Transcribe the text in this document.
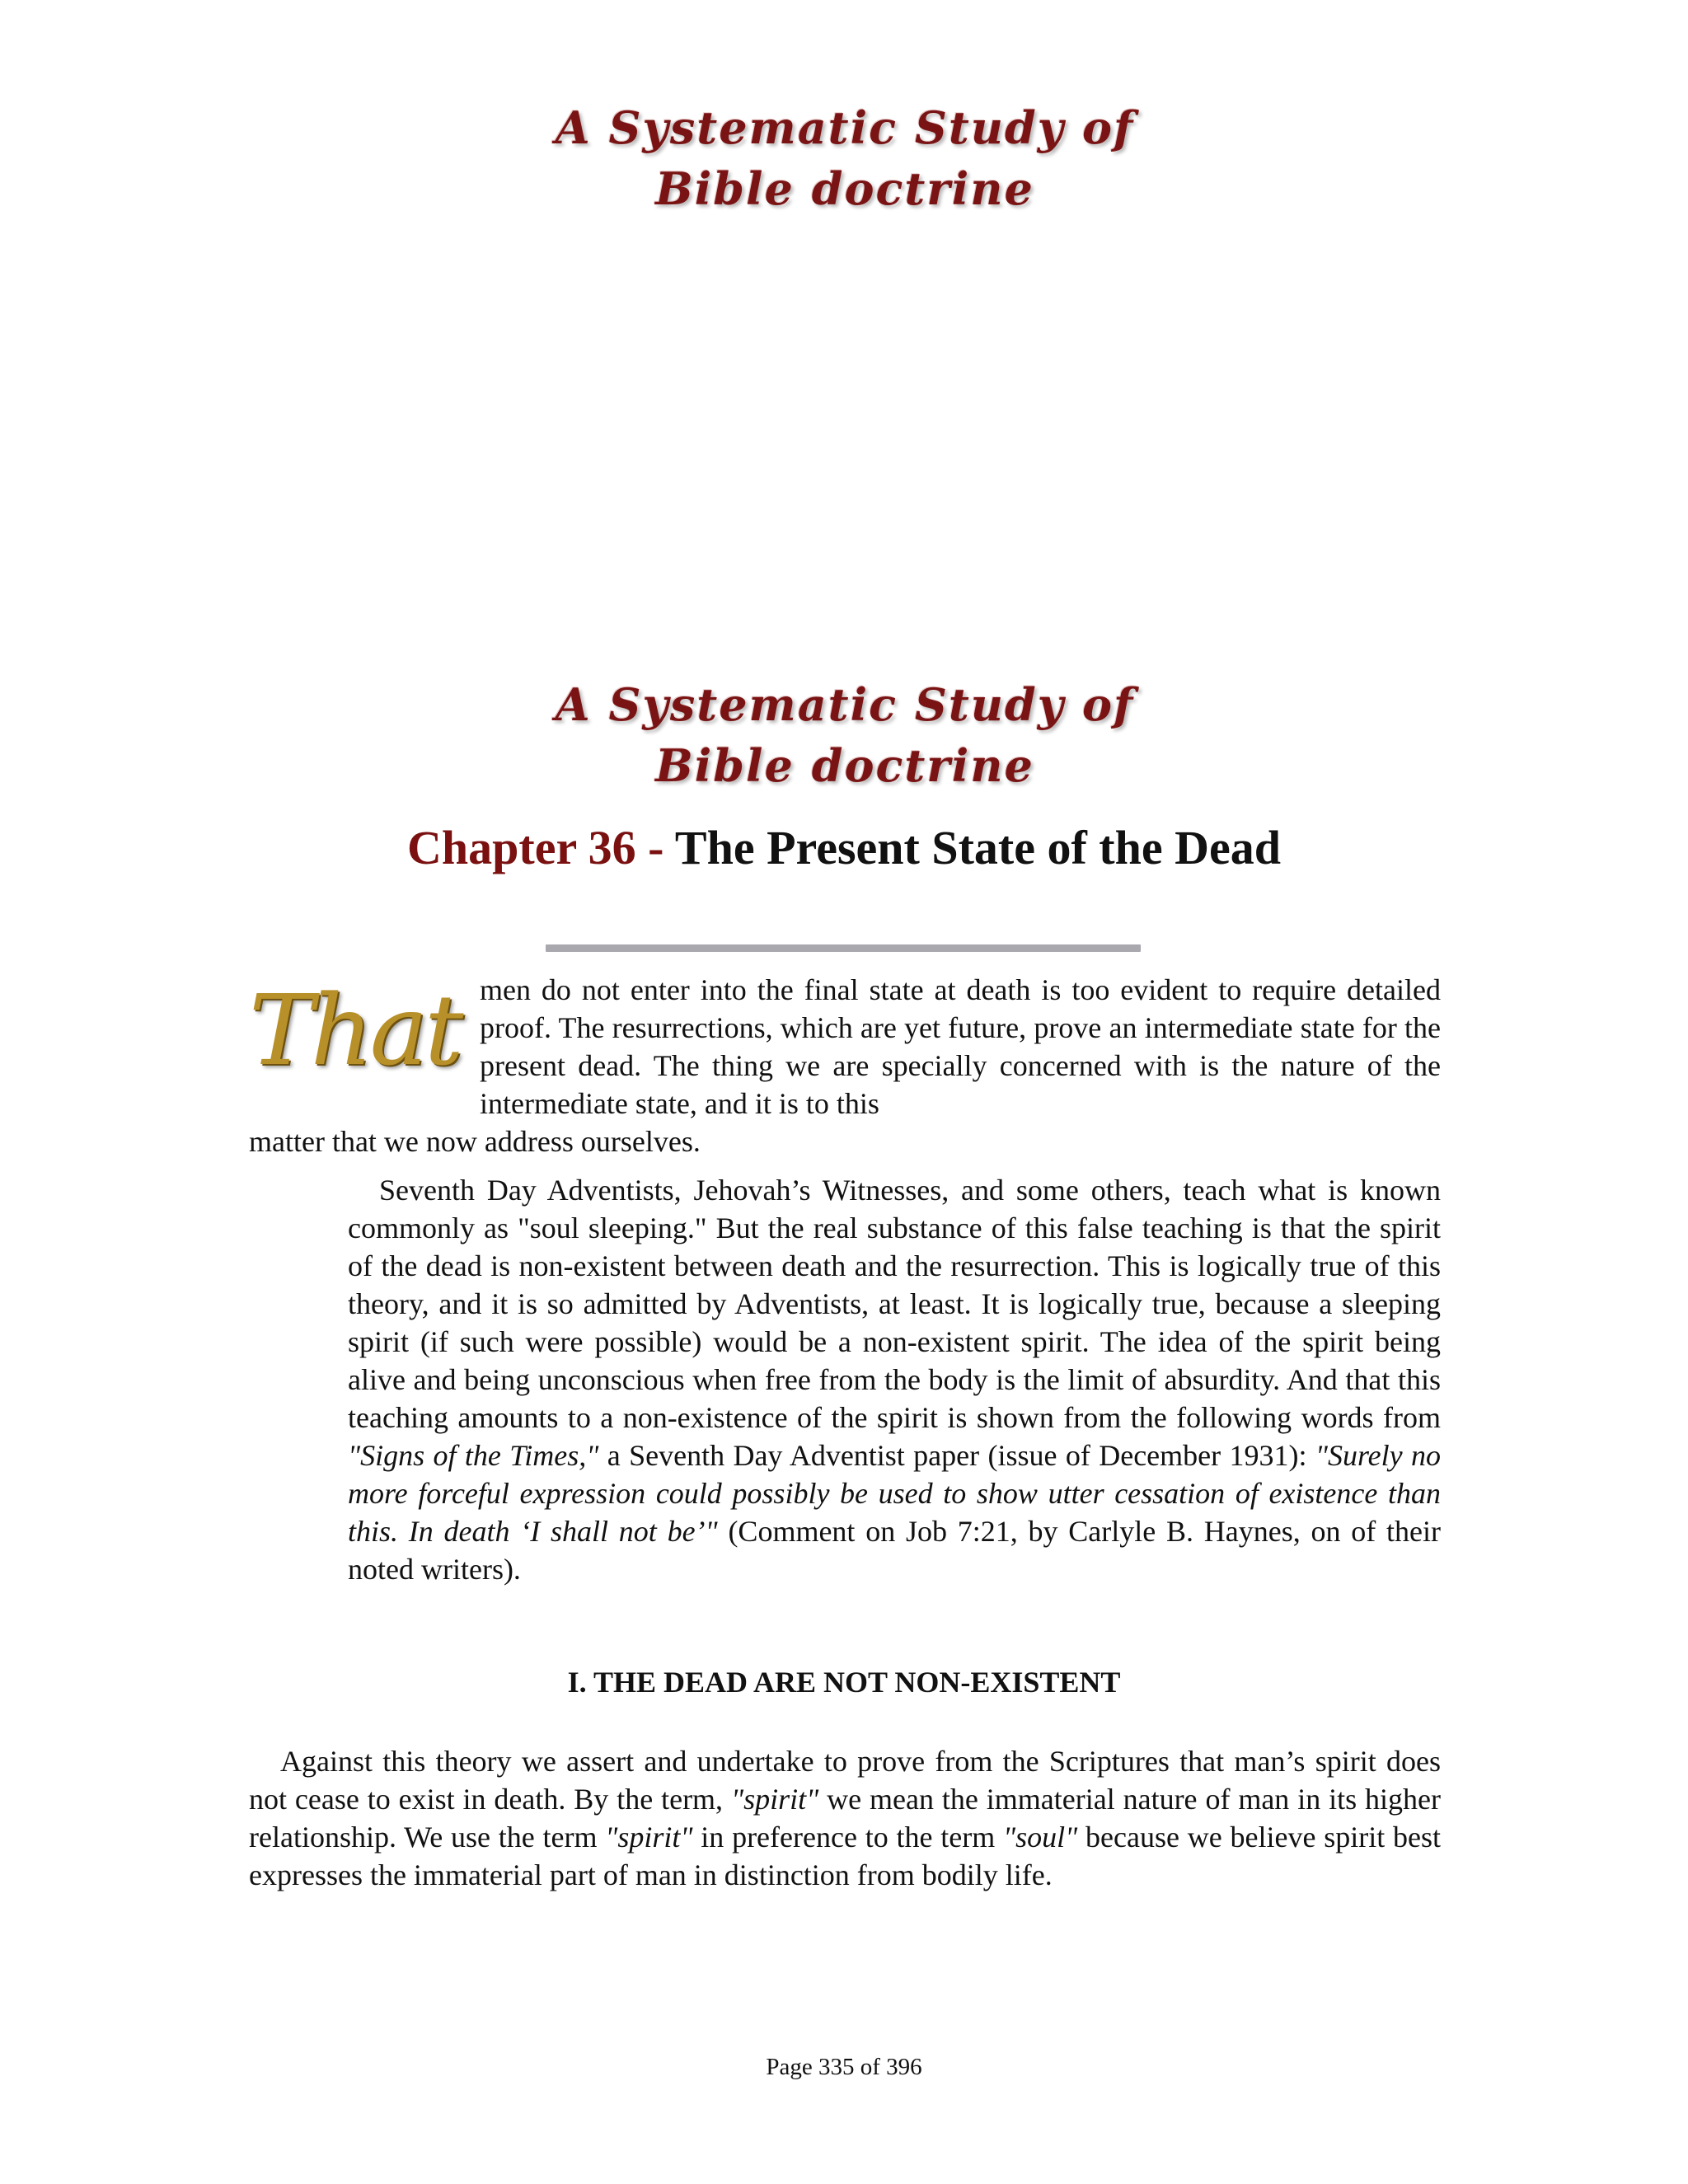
A Systematic Study of
Bible doctrine
A Systematic Study of
Bible doctrine
Chapter 36 - The Present State of the Dead
That men do not enter into the final state at death is too evident to require detailed proof. The resurrections, which are yet future, prove an intermediate state for the present dead. The thing we are specially concerned with is the nature of the intermediate state, and it is to this
matter that we now address ourselves.
Seventh Day Adventists, Jehovah’s Witnesses, and some others, teach what is known commonly as "soul sleeping." But the real substance of this false teaching is that the spirit of the dead is non-existent between death and the resurrection. This is logically true of this theory, and it is so admitted by Adventists, at least. It is logically true, because a sleeping spirit (if such were possible) would be a non-existent spirit. The idea of the spirit being alive and being unconscious when free from the body is the limit of absurdity. And that this teaching amounts to a non-existence of the spirit is shown from the following words from "Signs of the Times," a Seventh Day Adventist paper (issue of December 1931): "Surely no more forceful expression could possibly be used to show utter cessation of existence than this. In death ‘I shall not be’" (Comment on Job 7:21, by Carlyle B. Haynes, on of their noted writers).
I. THE DEAD ARE NOT NON-EXISTENT
Against this theory we assert and undertake to prove from the Scriptures that man’s spirit does not cease to exist in death. By the term, "spirit" we mean the immaterial nature of man in its higher relationship. We use the term "spirit" in preference to the term "soul" because we believe spirit best expresses the immaterial part of man in distinction from bodily life.
Page 335 of 396
